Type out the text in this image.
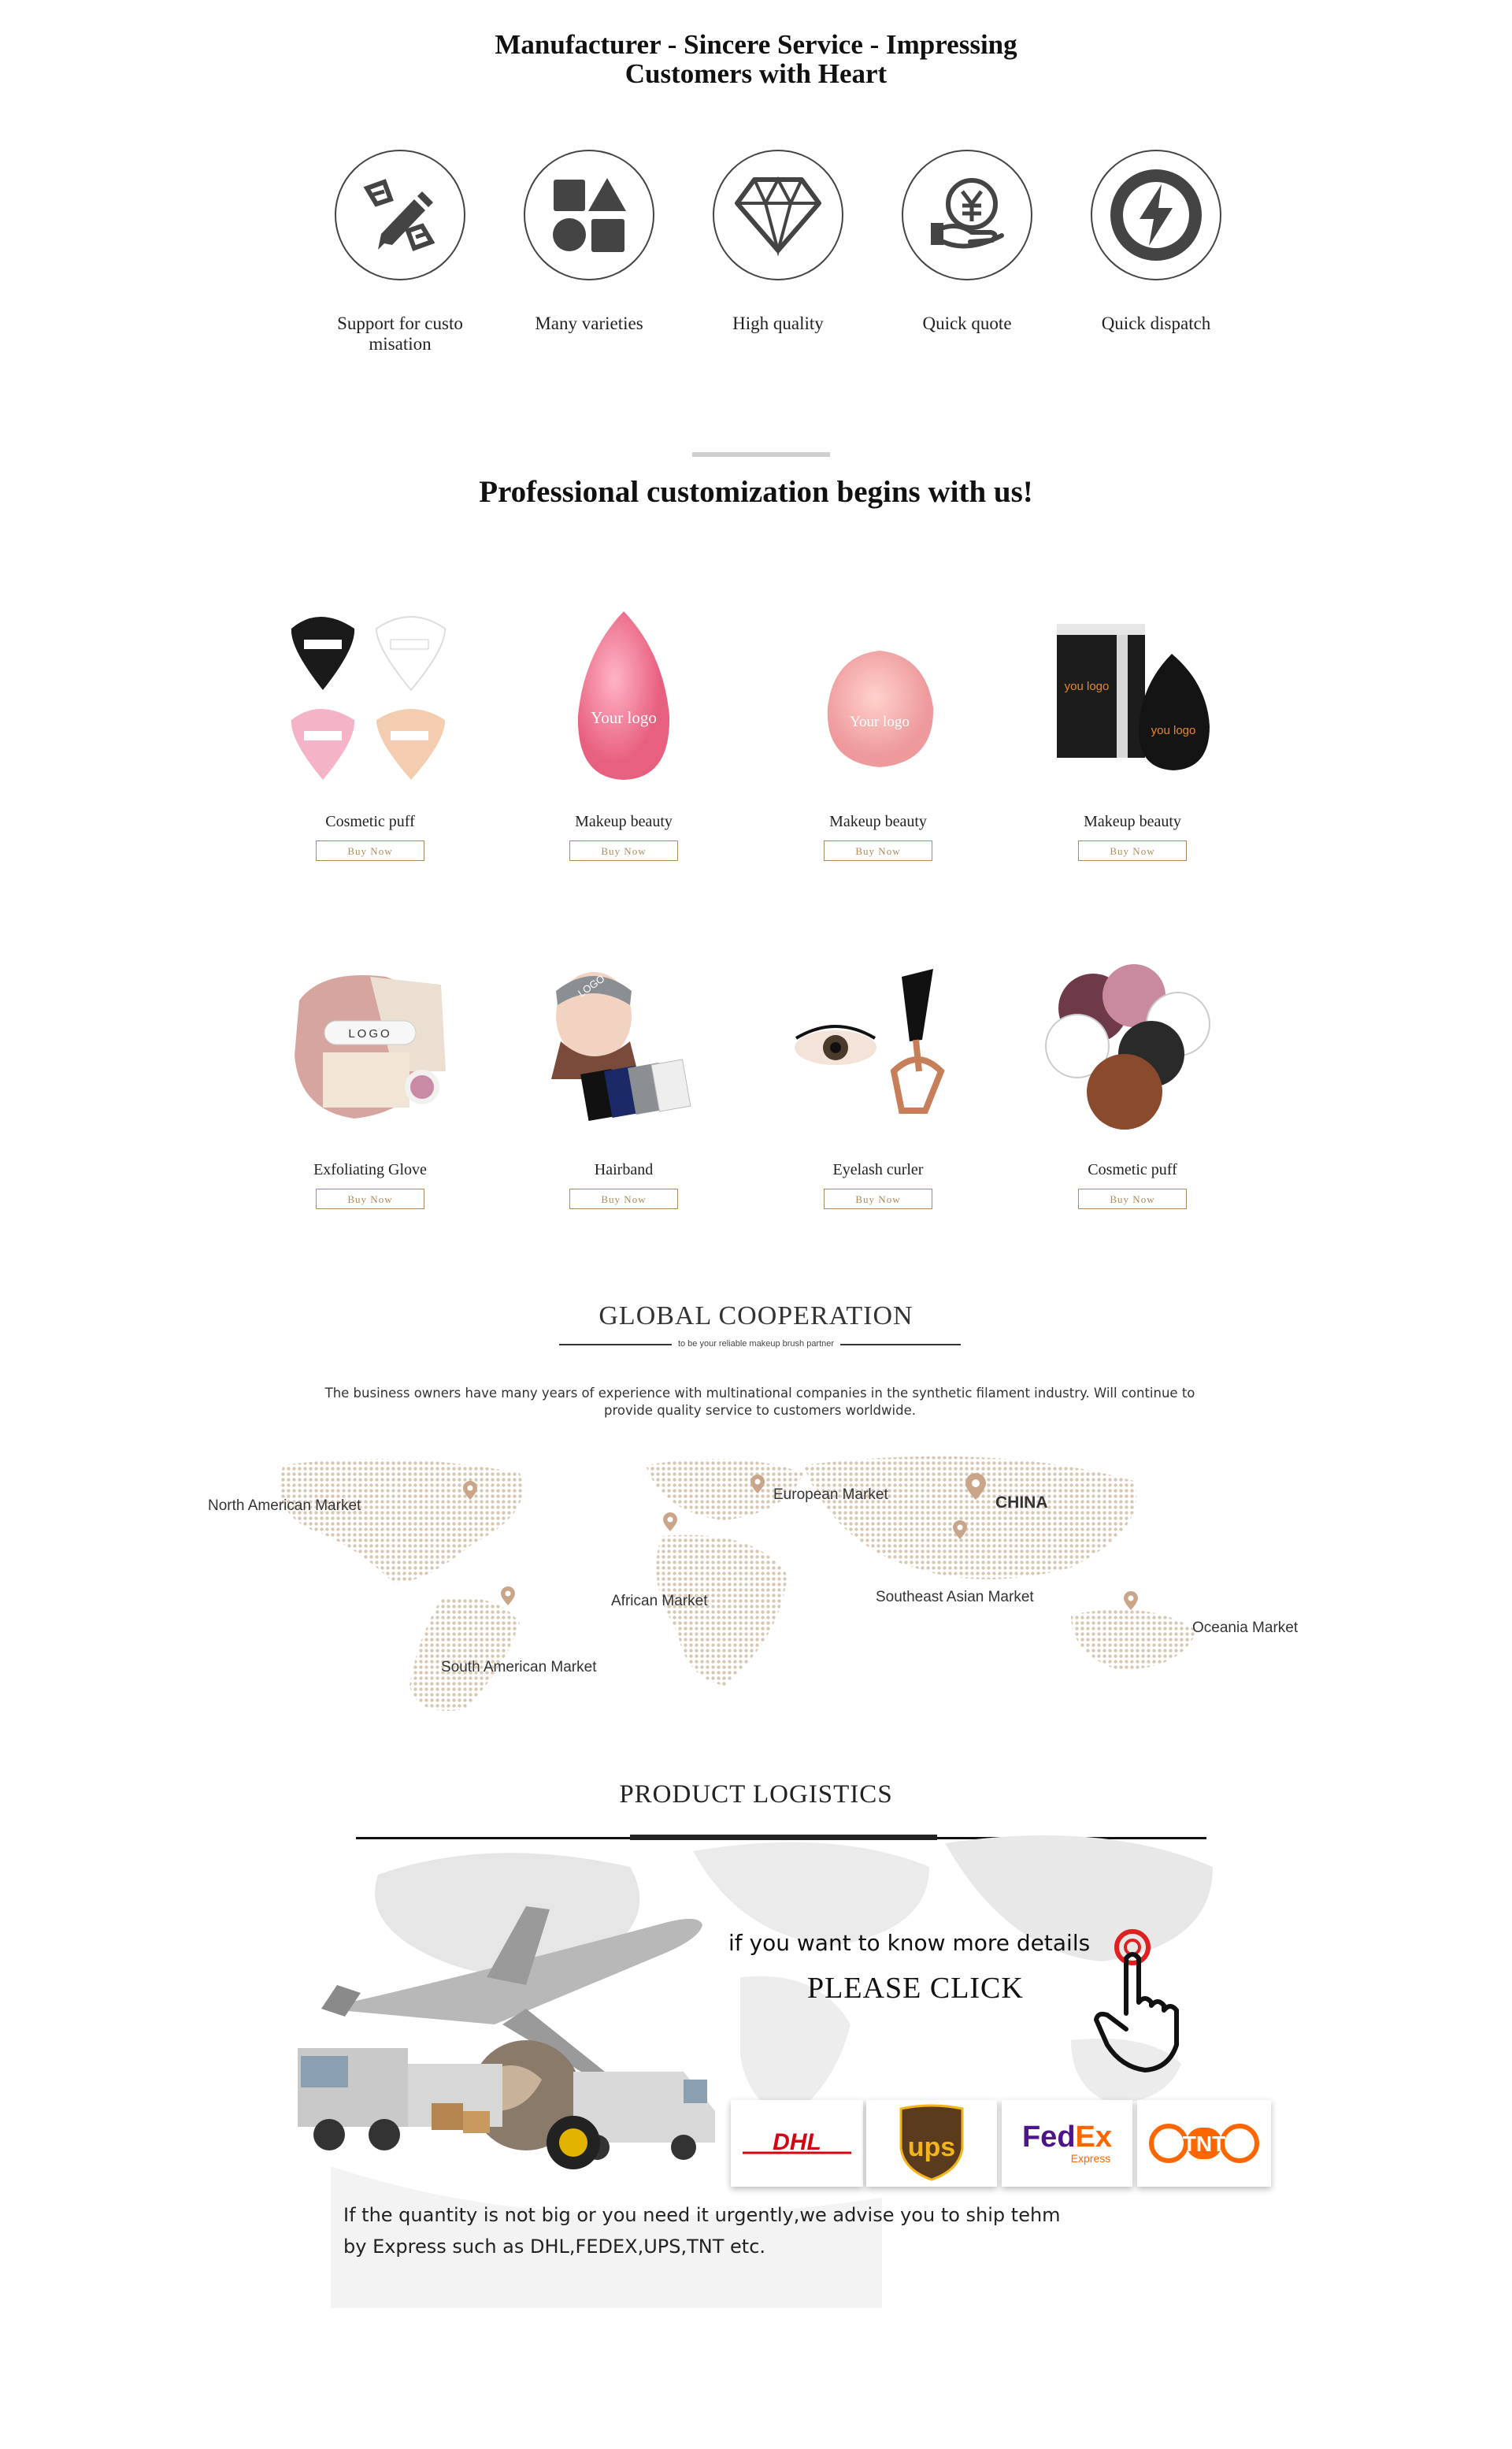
Manufacturer - Sincere Service - Impressing
Customers with Heart
Support for custo
misation
Many varieties	High quality	Quick quote	Quick dispatch
Professional customization begins with us!
Cosmetic puff
Buy Now
Your logo
Makeup beauty
Buy Now
Your logo
Makeup beauty
Buy Now
you logo
you logo
Makeup beauty
Buy Now
LOGO
Exfoliating Glove
Buy Now
LOGO
Hairband
Buy Now
Eyelash curler
Buy Now
Cosmetic puff
Buy Now
GLOBAL COOPERATION
to be your reliable makeup brush partner
The business owners have many years of experience with multinational companies in the synthetic filament industry. Will continue to provide quality service to customers worldwide.
North American Market
European Market	CHINA
African Market	Southeast Asian Market
Oceania Market
South American Market
PRODUCT LOGISTICS
if you want to know more details
PLEASE CLICK
DHL	ups FedEx
Express
TNT
If the quantity is not big or you need it urgently,we advise you to ship tehm
by Express such as DHL,FEDEX,UPS,TNT etc.
